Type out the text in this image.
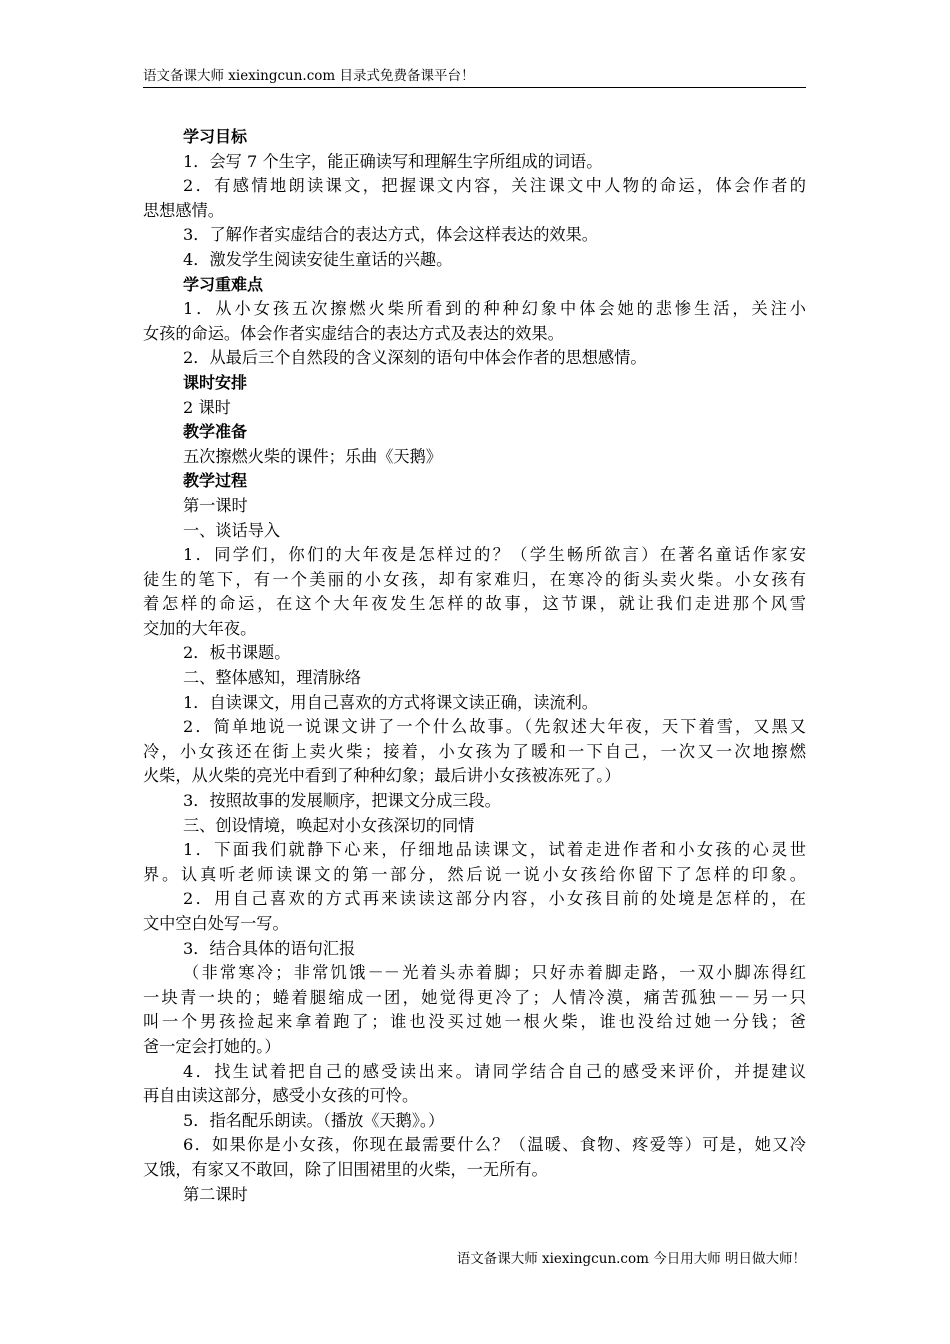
语文备课大师 xiexingcun.com 目录式免费备课平台！
学习目标
1．会写 7 个生字，能正确读写和理解生字所组成的词语。
2．有感情地朗读课文，把握课文内容，关注课文中人物的命运，体会作者的
思想感情。
3．了解作者实虚结合的表达方式，体会这样表达的效果。
4．激发学生阅读安徒生童话的兴趣。
学习重难点
1．从小女孩五次擦燃火柴所看到的种种幻象中体会她的悲惨生活，关注小
女孩的命运。体会作者实虚结合的表达方式及表达的效果。
2．从最后三个自然段的含义深刻的语句中体会作者的思想感情。
课时安排
2 课时
教学准备
五次擦燃火柴的课件；乐曲《天鹅》
教学过程
第一课时
一、谈话导入
1．同学们，你们的大年夜是怎样过的？（学生畅所欲言）在著名童话作家安
徒生的笔下，有一个美丽的小女孩，却有家难归，在寒冷的街头卖火柴。小女孩有
着怎样的命运，在这个大年夜发生怎样的故事，这节课，就让我们走进那个风雪
交加的大年夜。
2．板书课题。
二、整体感知，理清脉络
1．自读课文，用自己喜欢的方式将课文读正确，读流利。
2．简单地说一说课文讲了一个什么故事。（先叙述大年夜，天下着雪，又黑又
冷，小女孩还在街上卖火柴；接着，小女孩为了暖和一下自己，一次又一次地擦燃
火柴，从火柴的亮光中看到了种种幻象；最后讲小女孩被冻死了。）
3．按照故事的发展顺序，把课文分成三段。
三、创设情境，唤起对小女孩深切的同情
1．下面我们就静下心来，仔细地品读课文，试着走进作者和小女孩的心灵世
界。认真听老师读课文的第一部分，然后说一说小女孩给你留下了怎样的印象。
2．用自己喜欢的方式再来读读这部分内容，小女孩目前的处境是怎样的，在
文中空白处写一写。
3．结合具体的语句汇报
（非常寒冷；非常饥饿－－光着头赤着脚；只好赤着脚走路，一双小脚冻得红
一块青一块的；蜷着腿缩成一团，她觉得更冷了；人情冷漠，痛苦孤独－－另一只
叫一个男孩捡起来拿着跑了；谁也没买过她一根火柴，谁也没给过她一分钱；爸
爸一定会打她的。）
4．找生试着把自己的感受读出来。请同学结合自己的感受来评价，并提建议
再自由读这部分，感受小女孩的可怜。
5．指名配乐朗读。（播放《天鹅》。）
6．如果你是小女孩，你现在最需要什么？（温暖、食物、疼爱等）可是，她又冷
又饿，有家又不敢回，除了旧围裙里的火柴，一无所有。
第二课时
语文备课大师 xiexingcun.com 今日用大师 明日做大师！
